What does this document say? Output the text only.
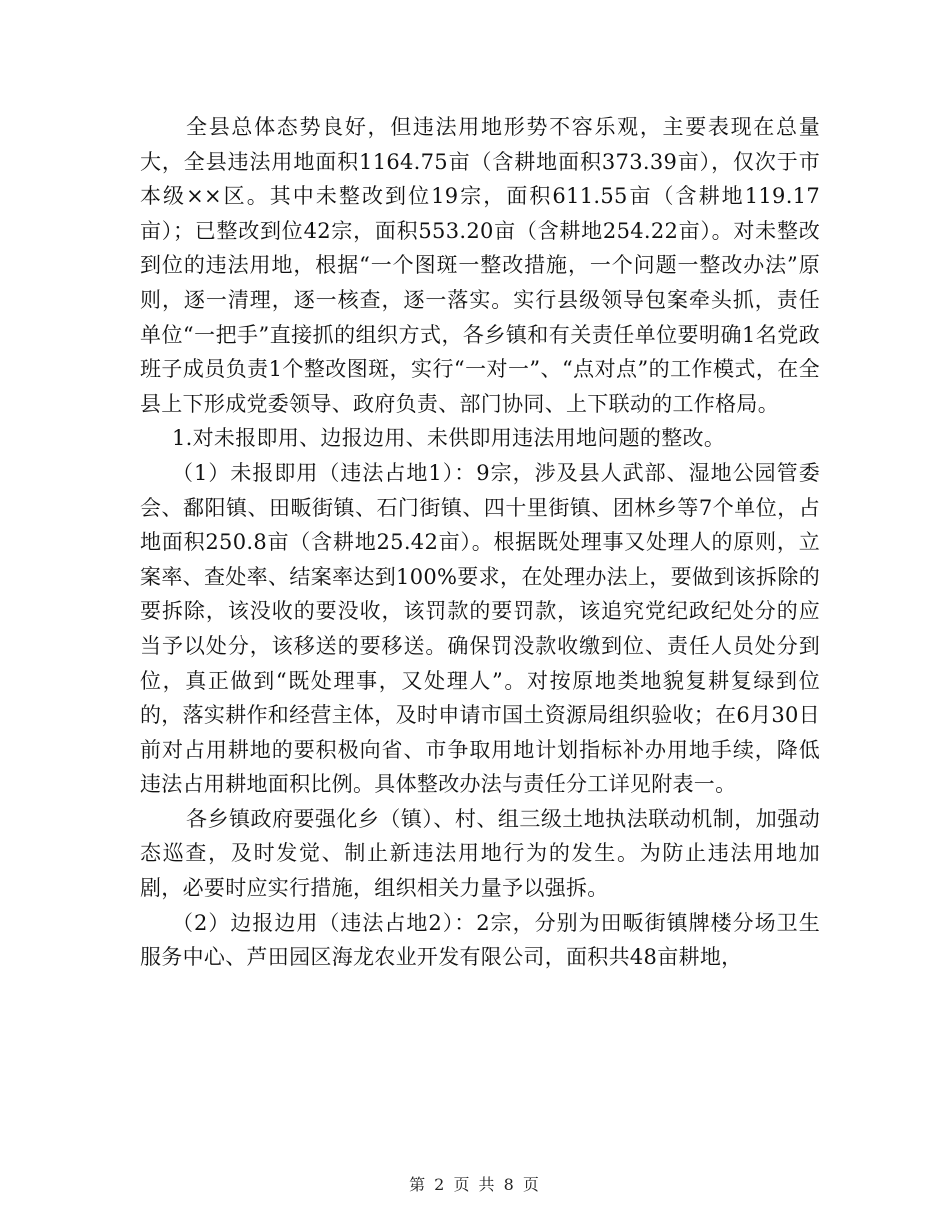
全县总体态势良好，但违法用地形势不容乐观，主要表现在总量大，全县违法用地面积1164.75亩（含耕地面积373.39亩），仅次于市本级××区。其中未整改到位19宗，面积611.55亩（含耕地119.17亩）；已整改到位42宗，面积553.20亩（含耕地254.22亩）。对未整改到位的违法用地，根据“一个图斑一整改措施，一个问题一整改办法”原则，逐一清理，逐一核查，逐一落实。实行县级领导包案牵头抓，责任单位“一把手”直接抓的组织方式，各乡镇和有关责任单位要明确1名党政班子成员负责1个整改图斑，实行“一对一”、“点对点”的工作模式，在全县上下形成党委领导、政府负责、部门协同、上下联动的工作格局。

1.对未报即用、边报边用、未供即用违法用地问题的整改。

（1）未报即用（违法占地1）：9宗，涉及县人武部、湿地公园管委会、鄱阳镇、田畈街镇、石门街镇、四十里街镇、团林乡等7个单位，占地面积250.8亩（含耕地25.42亩）。根据既处理事又处理人的原则，立案率、查处率、结案率达到100%要求，在处理办法上，要做到该拆除的要拆除，该没收的要没收，该罚款的要罚款，该追究党纪政纪处分的应当予以处分，该移送的要移送。确保罚没款收缴到位、责任人员处分到位，真正做到“既处理事，又处理人”。对按原地类地貌复耕复绿到位的，落实耕作和经营主体，及时申请市国土资源局组织验收；在6月30日前对占用耕地的要积极向省、市争取用地计划指标补办用地手续，降低违法占用耕地面积比例。具体整改办法与责任分工详见附表一。

各乡镇政府要强化乡（镇）、村、组三级土地执法联动机制，加强动态巡查，及时发觉、制止新违法用地行为的发生。为防止违法用地加剧，必要时应实行措施，组织相关力量予以强拆。

（2）边报边用（违法占地2）：2宗，分别为田畈街镇牌楼分场卫生服务中心、芦田园区海龙农业开发有限公司，面积共48亩耕地，

第 2 页 共 8 页
